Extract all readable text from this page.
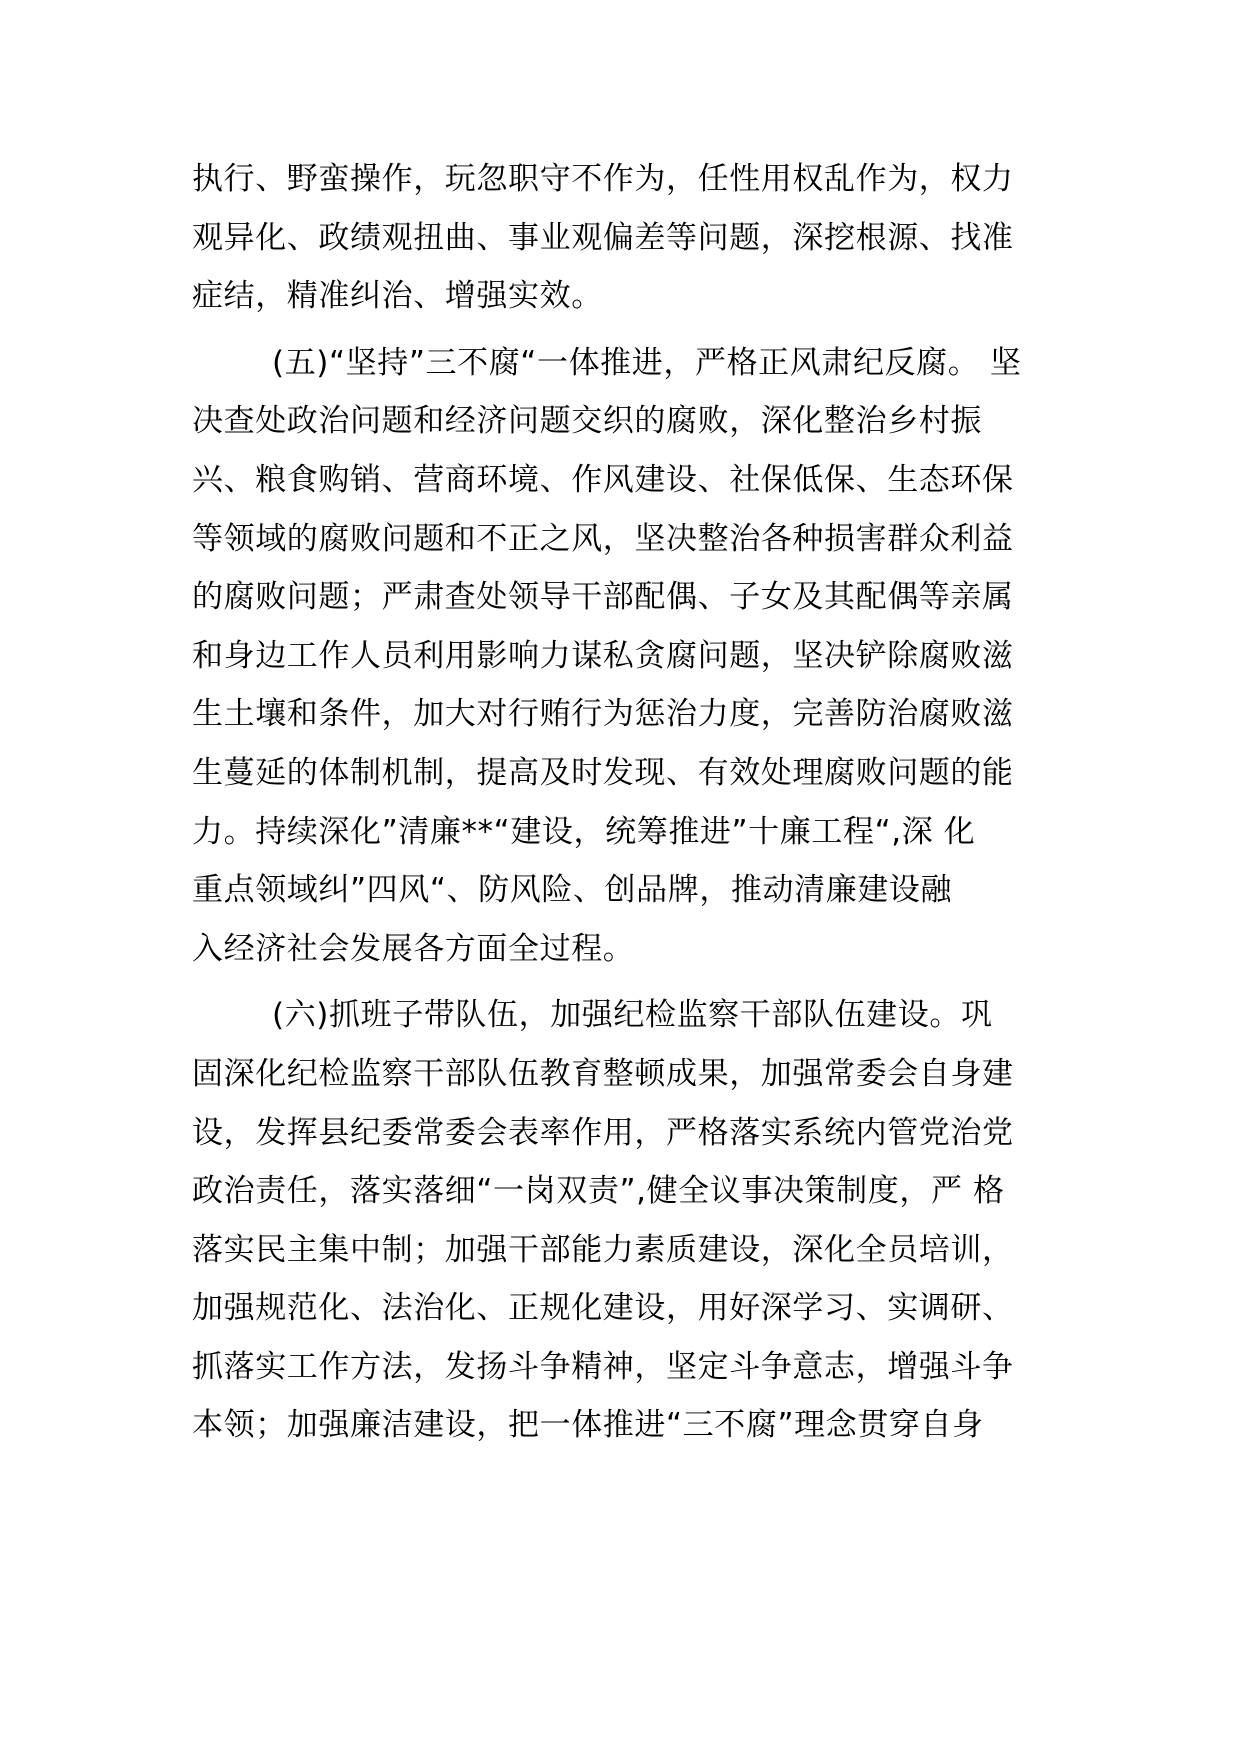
执行、野蛮操作，玩忽职守不作为，任性用权乱作为，权力
观异化、政绩观扭曲、事业观偏差等问题，深挖根源、找准
症结，精准纠治、增强实效。
(五)“坚持”三不腐“一体推进，严格正风肃纪反腐。 坚
决查处政治问题和经济问题交织的腐败，深化整治乡村振
兴、粮食购销、营商环境、作风建设、社保低保、生态环保
等领域的腐败问题和不正之风，坚决整治各种损害群众利益
的腐败问题；严肃查处领导干部配偶、子女及其配偶等亲属
和身边工作人员利用影响力谋私贪腐问题，坚决铲除腐败滋
生土壤和条件，加大对行贿行为惩治力度，完善防治腐败滋
生蔓延的体制机制，提高及时发现、有效处理腐败问题的能
力。持续深化”清廉**“建设，统筹推进”十廉工程“,深 化
重点领域纠”四风“、防风险、创品牌，推动清廉建设融
入经济社会发展各方面全过程。
(六)抓班子带队伍，加强纪检监察干部队伍建设。巩
固深化纪检监察干部队伍教育整顿成果，加强常委会自身建
设，发挥县纪委常委会表率作用，严格落实系统内管党治党
政治责任，落实落细“一岗双责”,健全议事决策制度，严 格
落实民主集中制；加强干部能力素质建设，深化全员培训，
加强规范化、法治化、正规化建设，用好深学习、实调研、
抓落实工作方法，发扬斗争精神，坚定斗争意志，增强斗争
本领；加强廉洁建设，把一体推进“三不腐”理念贯穿自身
